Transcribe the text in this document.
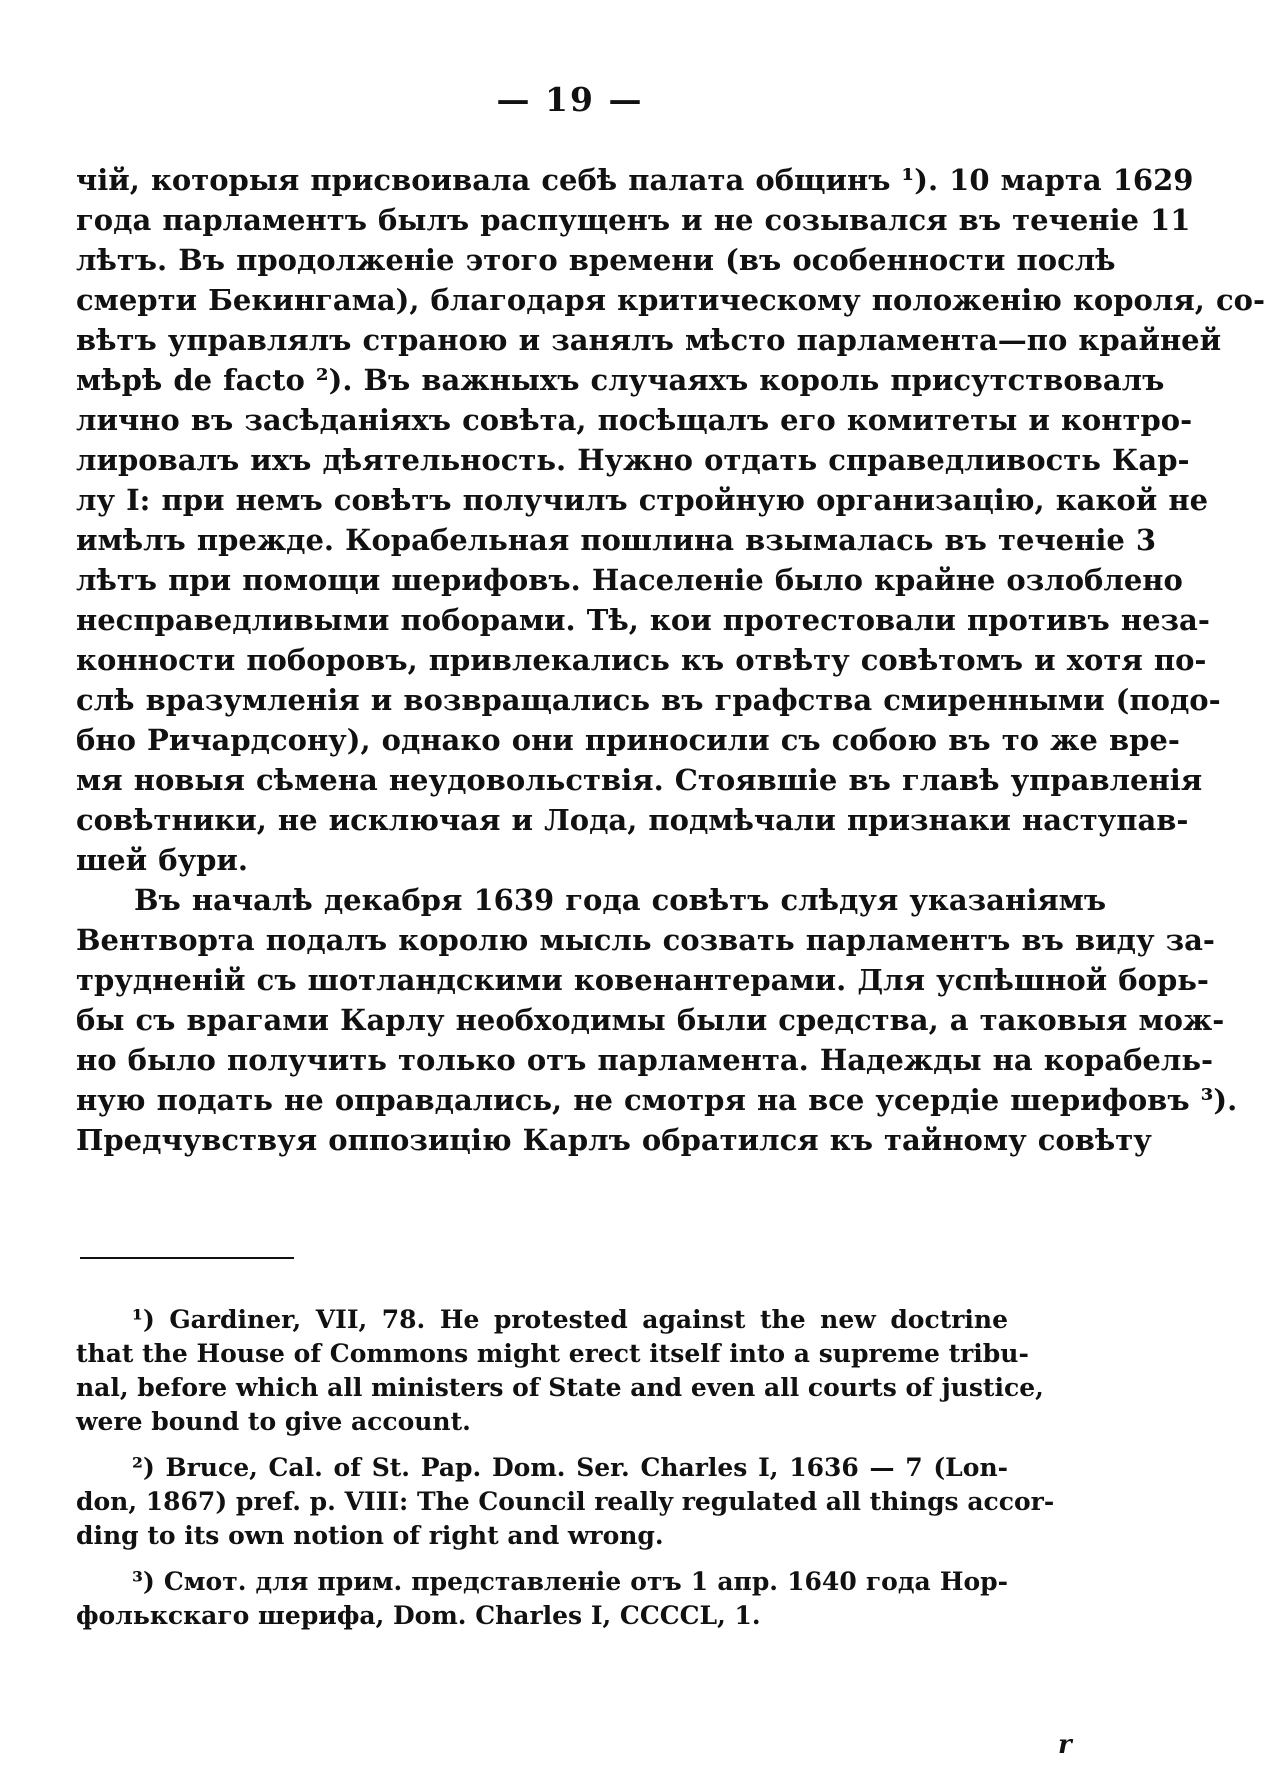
— 19 —
чій, которыя присвоивала себѣ палата общинъ ¹). 10 марта 1629
года парламентъ былъ распущенъ и не созывался въ теченіе 11
лѣтъ. Въ продолженіе этого времени (въ особенности послѣ
смерти Бекингама), благодаря критическому положенію короля, со-
вѣтъ управлялъ страною и занялъ мѣсто парламента—по крайней
мѣрѣ de facto ²). Въ важныхъ случаяхъ король присутствовалъ
лично въ засѣданіяхъ совѣта, посѣщалъ его комитеты и контро-
лировалъ ихъ дѣятельность. Нужно отдать справедливость Кар-
лу I: при немъ совѣтъ получилъ стройную организацію, какой не
имѣлъ прежде. Корабельная пошлина взымалась въ теченіе 3
лѣтъ при помощи шерифовъ. Населеніе было крайне озлоблено
несправедливыми поборами. Тѣ, кои протестовали противъ неза-
конности поборовъ, привлекались къ отвѣту совѣтомъ и хотя по-
слѣ вразумленія и возвращались въ графства смиренными (подо-
бно Ричардсону), однако они приносили съ собою въ то же вре-
мя новыя сѣмена неудовольствія. Стоявшіе въ главѣ управленія
совѣтники, не исключая и Лода, подмѣчали признаки наступав-
шей бури.
Въ началѣ декабря 1639 года совѣтъ слѣдуя указаніямъ
Вентворта подалъ королю мысль созвать парламентъ въ виду за-
трудненій съ шотландскими ковенантерами. Для успѣшной борь-
бы съ врагами Карлу необходимы были средства, а таковыя мож-
но было получить только отъ парламента. Надежды на корабель-
ную подать не оправдались, не смотря на все усердіе шерифовъ ³).
Предчувствуя оппозицію Карлъ обратился къ тайному совѣту
¹) Gardiner, VII, 78. He protested against the new doctrine
that the House of Commons might erect itself into a supreme tribu-
nal, before which all ministers of State and even all courts of justice,
were bound to give account.
²) Bruce, Cal. of St. Pap. Dom. Ser. Charles I, 1636 — 7 (Lon-
don, 1867) pref. p. VIII: The Council really regulated all things accor-
ding to its own notion of right and wrong.
³) Смот. для прим. представленіе отъ 1 апр. 1640 года Нор-
фолькскаго шерифа, Dom. Charles I, CCCCL, 1.
r
